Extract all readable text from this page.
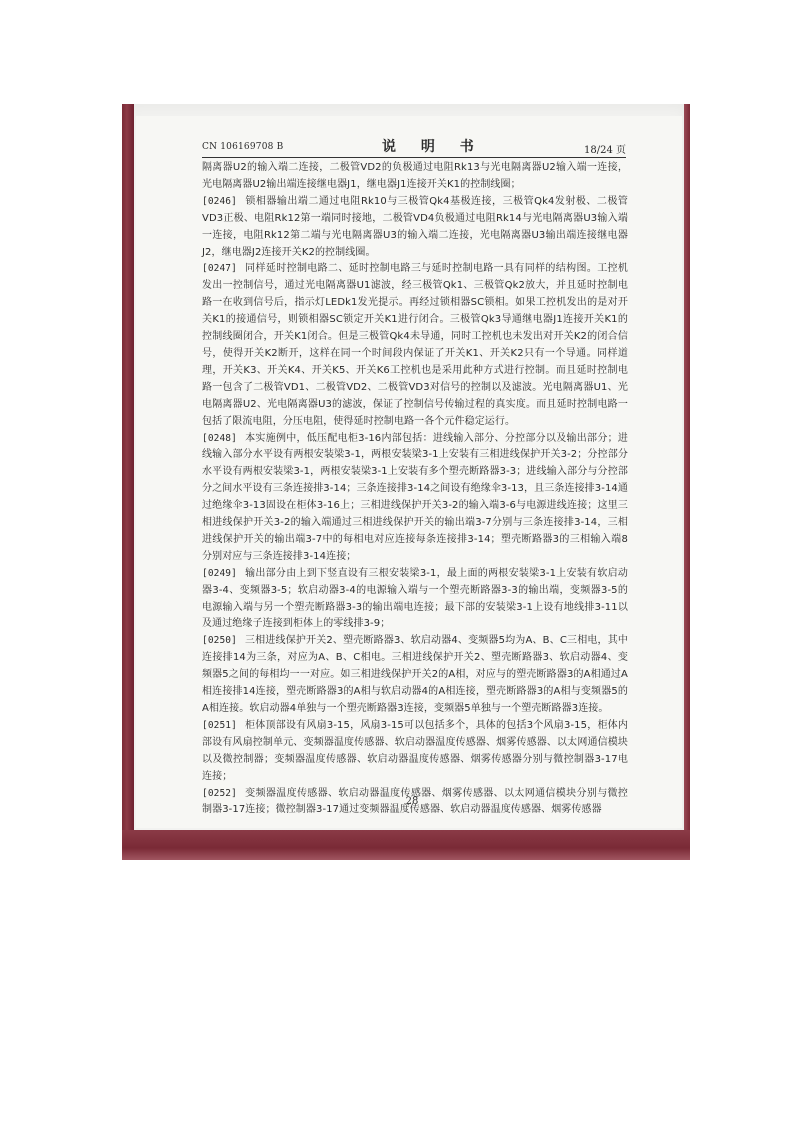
CN 106169708 B	说 明 书	18/24 页

隔离器U2的输入端二连接，二极管VD2的负极通过电阻Rk13与光电隔离器U2输入端一连接，光电隔离器U2输出端连接继电器J1，继电器J1连接开关K1的控制线圈；

[0246] 锁相器输出端二通过电阻Rk10与三极管Qk4基极连接，三极管Qk4发射极、二极管VD3正极、电阻Rk12第一端同时接地，二极管VD4负极通过电阻Rk14与光电隔离器U3输入端一连接，电阻Rk12第二端与光电隔离器U3的输入端二连接，光电隔离器U3输出端连接继电器J2，继电器J2连接开关K2的控制线圈。

[0247] 同样延时控制电路二、延时控制电路三与延时控制电路一具有同样的结构图。工控机发出一控制信号，通过光电隔离器U1滤波，经三极管Qk1、三极管Qk2放大，并且延时控制电路一在收到信号后，指示灯LEDk1发光提示。再经过锁相器SC锁相。如果工控机发出的是对开关K1的接通信号，则锁相器SC锁定开关K1进行闭合。三极管Qk3导通继电器J1连接开关K1的控制线圈闭合，开关K1闭合。但是三极管Qk4未导通，同时工控机也未发出对开关K2的闭合信号，使得开关K2断开，这样在同一个时间段内保证了开关K1、开关K2只有一个导通。同样道理，开关K3、开关K4、开关K5、开关K6工控机也是采用此种方式进行控制。而且延时控制电路一包含了二极管VD1、二极管VD2、二极管VD3对信号的控制以及滤波。光电隔离器U1、光电隔离器U2、光电隔离器U3的滤波，保证了控制信号传输过程的真实度。而且延时控制电路一包括了限流电阻，分压电阻，使得延时控制电路一各个元件稳定运行。

[0248] 本实施例中，低压配电柜3-16内部包括：进线输入部分、分控部分以及输出部分；进线输入部分水平设有两根安装梁3-1，两根安装梁3-1上安装有三相进线保护开关3-2；分控部分水平设有两根安装梁3-1，两根安装梁3-1上安装有多个塑壳断路器3-3；进线输入部分与分控部分之间水平设有三条连接排3-14；三条连接排3-14之间设有绝缘伞3-13，且三条连接排3-14通过绝缘伞3-13固设在柜体3-16上；三相进线保护开关3-2的输入端3-6与电源进线连接；这里三相进线保护开关3-2的输入端通过三相进线保护开关的输出端3-7分别与三条连接排3-14，三相进线保护开关的输出端3-7中的每相电对应连接每条连接排3-14；塑壳断路器3的三相输入端8分别对应与三条连接排3-14连接；

[0249] 输出部分由上到下竖直设有三根安装梁3-1，最上面的两根安装梁3-1上安装有软启动器3-4、变频器3-5；软启动器3-4的电源输入端与一个塑壳断路器3-3的输出端，变频器3-5的电源输入端与另一个塑壳断路器3-3的输出端电连接；最下部的安装梁3-1上设有地线排3-11以及通过绝缘子连接到柜体上的零线排3-9；

[0250] 三相进线保护开关2、塑壳断路器3、软启动器4、变频器5均为A、B、C三相电，其中连接排14为三条，对应为A、B、C相电。三相进线保护开关2、塑壳断路器3、软启动器4、变频器5之间的每相均一一对应。如三相进线保护开关2的A相，对应与的塑壳断路器3的A相通过A相连接排14连接，塑壳断路器3的A相与软启动器4的A相连接，塑壳断路器3的A相与变频器5的A相连接。软启动器4单独与一个塑壳断路器3连接，变频器5单独与一个塑壳断路器3连接。

[0251] 柜体顶部设有风扇3-15，风扇3-15可以包括多个，具体的包括3个风扇3-15，柜体内部设有风扇控制单元、变频器温度传感器、软启动器温度传感器、烟雾传感器、以太网通信模块以及微控制器；变频器温度传感器、软启动器温度传感器、烟雾传感器分别与微控制器3-17电连接；

[0252] 变频器温度传感器、软启动器温度传感器、烟雾传感器、以太网通信模块分别与微控制器3-17连接；微控制器3-17通过变频器温度传感器、软启动器温度传感器、烟雾传感器

28
